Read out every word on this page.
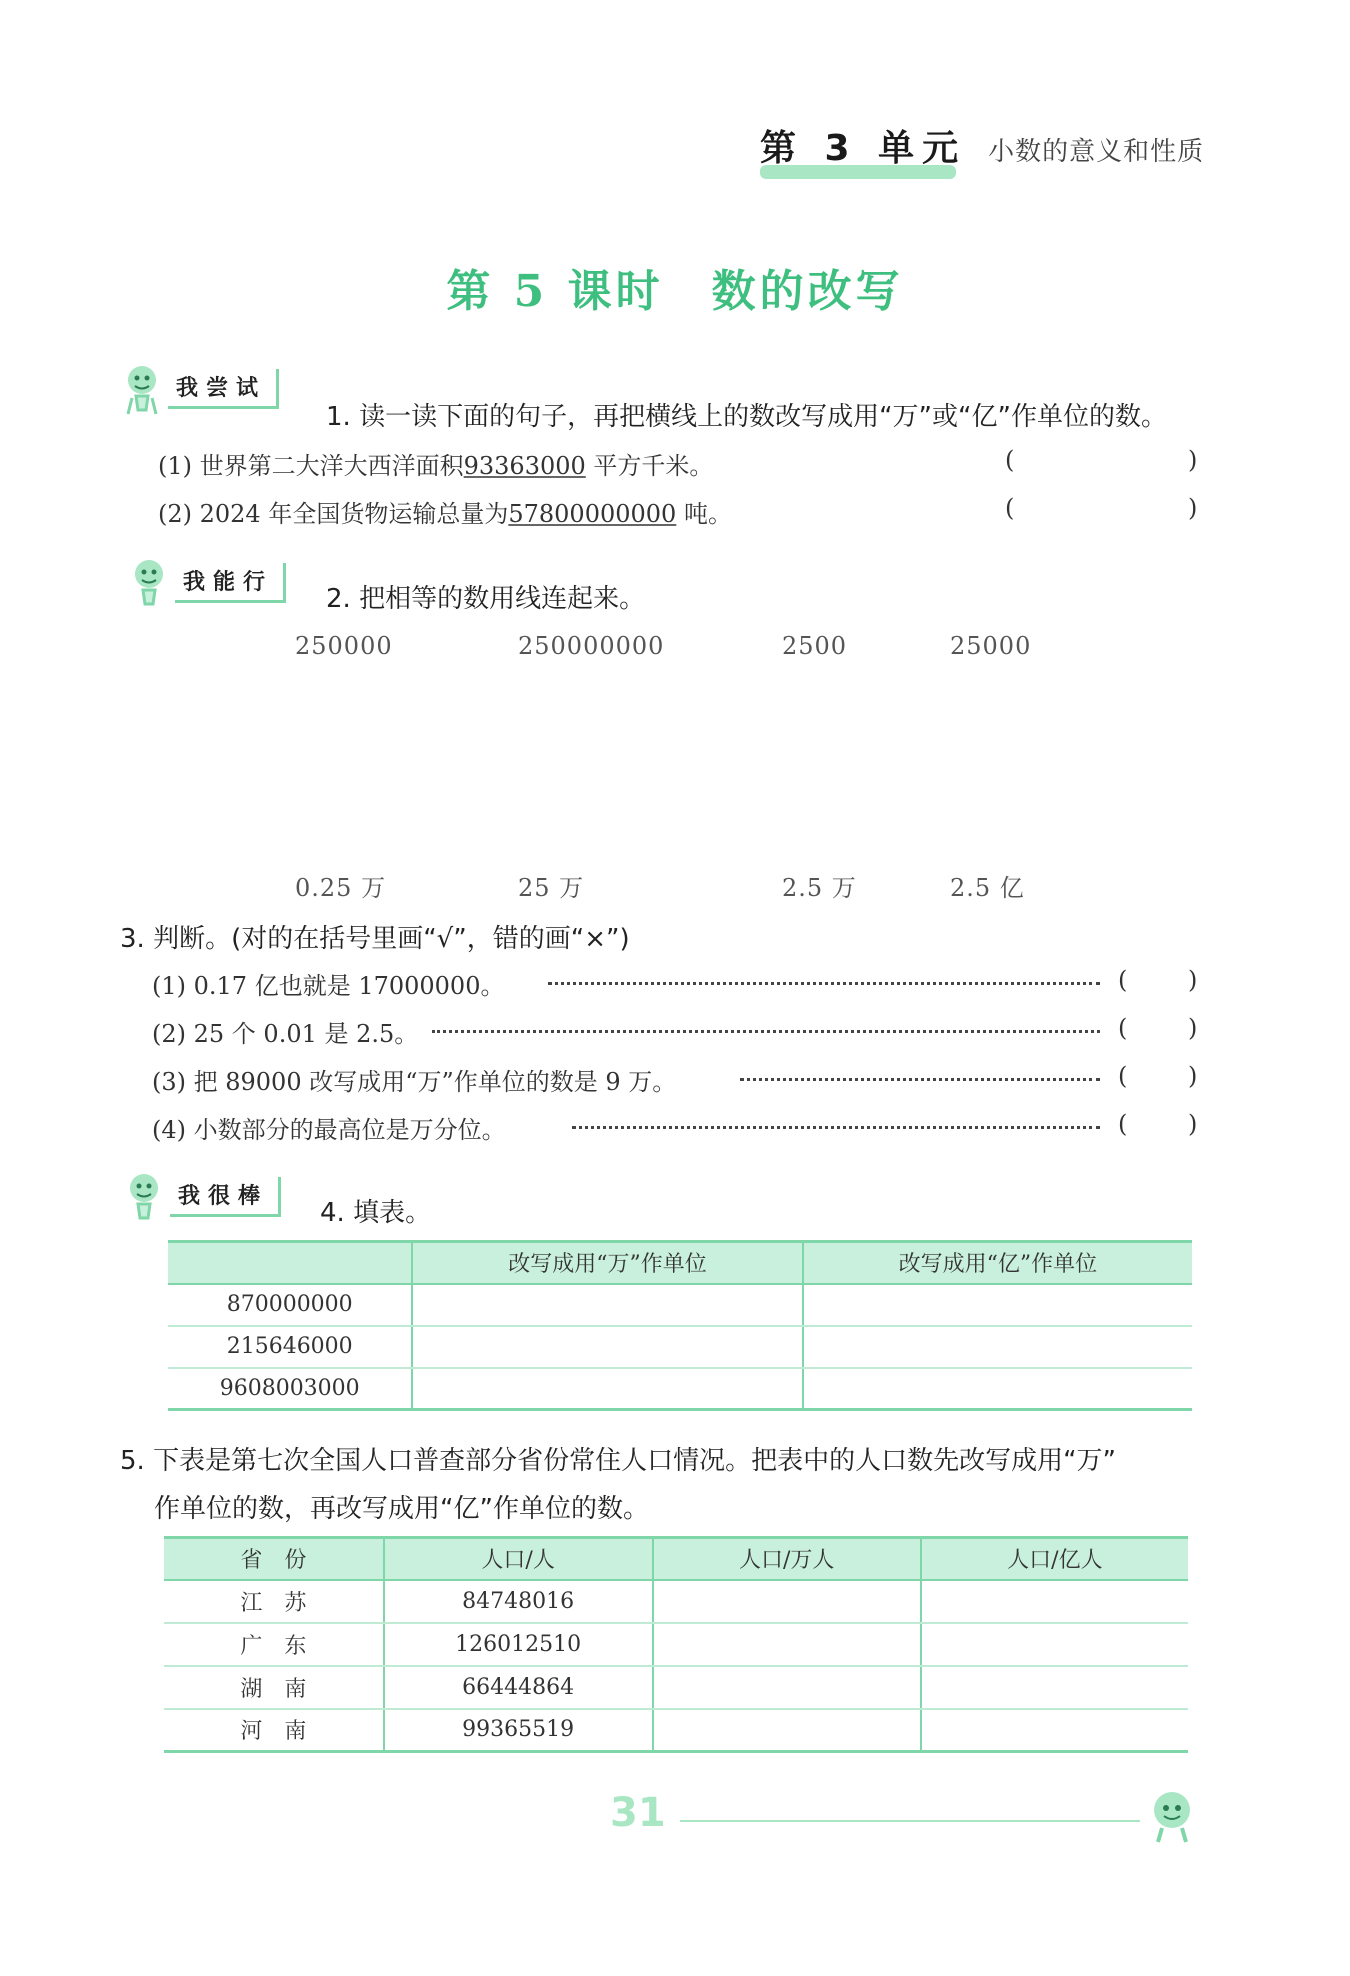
第 3 单元 小数的意义和性质
第 5 课时　数的改写
我尝试
1. 读一读下面的句子，再把横线上的数改写成用“万”或“亿”作单位的数。
(1) 世界第二大洋大西洋面积93363000 平方千米。	(	)
(2) 2024 年全国货物运输总量为57800000000 吨。	(	)
我能行
2. 把相等的数用线连起来。
250000	250000000	2500	25000
0.25 万	25 万	2.5 万	2.5 亿
3. 判断。(对的在括号里画“√”，错的画“×”)
(1) 0.17 亿也就是 17000000。	(	)
(2) 25 个 0.01 是 2.5。	(	)
(3) 把 89000 改写成用“万”作单位的数是 9 万。	(	)
(4) 小数部分的最高位是万分位。	(	)
我很棒
4. 填表。
	改写成用“万”作单位	改写成用“亿”作单位
870000000		
215646000		
9608003000		
5. 下表是第七次全国人口普查部分省份常住人口情况。把表中的人口数先改写成用“万”
作单位的数，再改写成用“亿”作单位的数。
省　份	人口/人	人口/万人	人口/亿人
江　苏	84748016		
广　东	126012510		
湖　南	66444864		
河　南	99365519		
31
